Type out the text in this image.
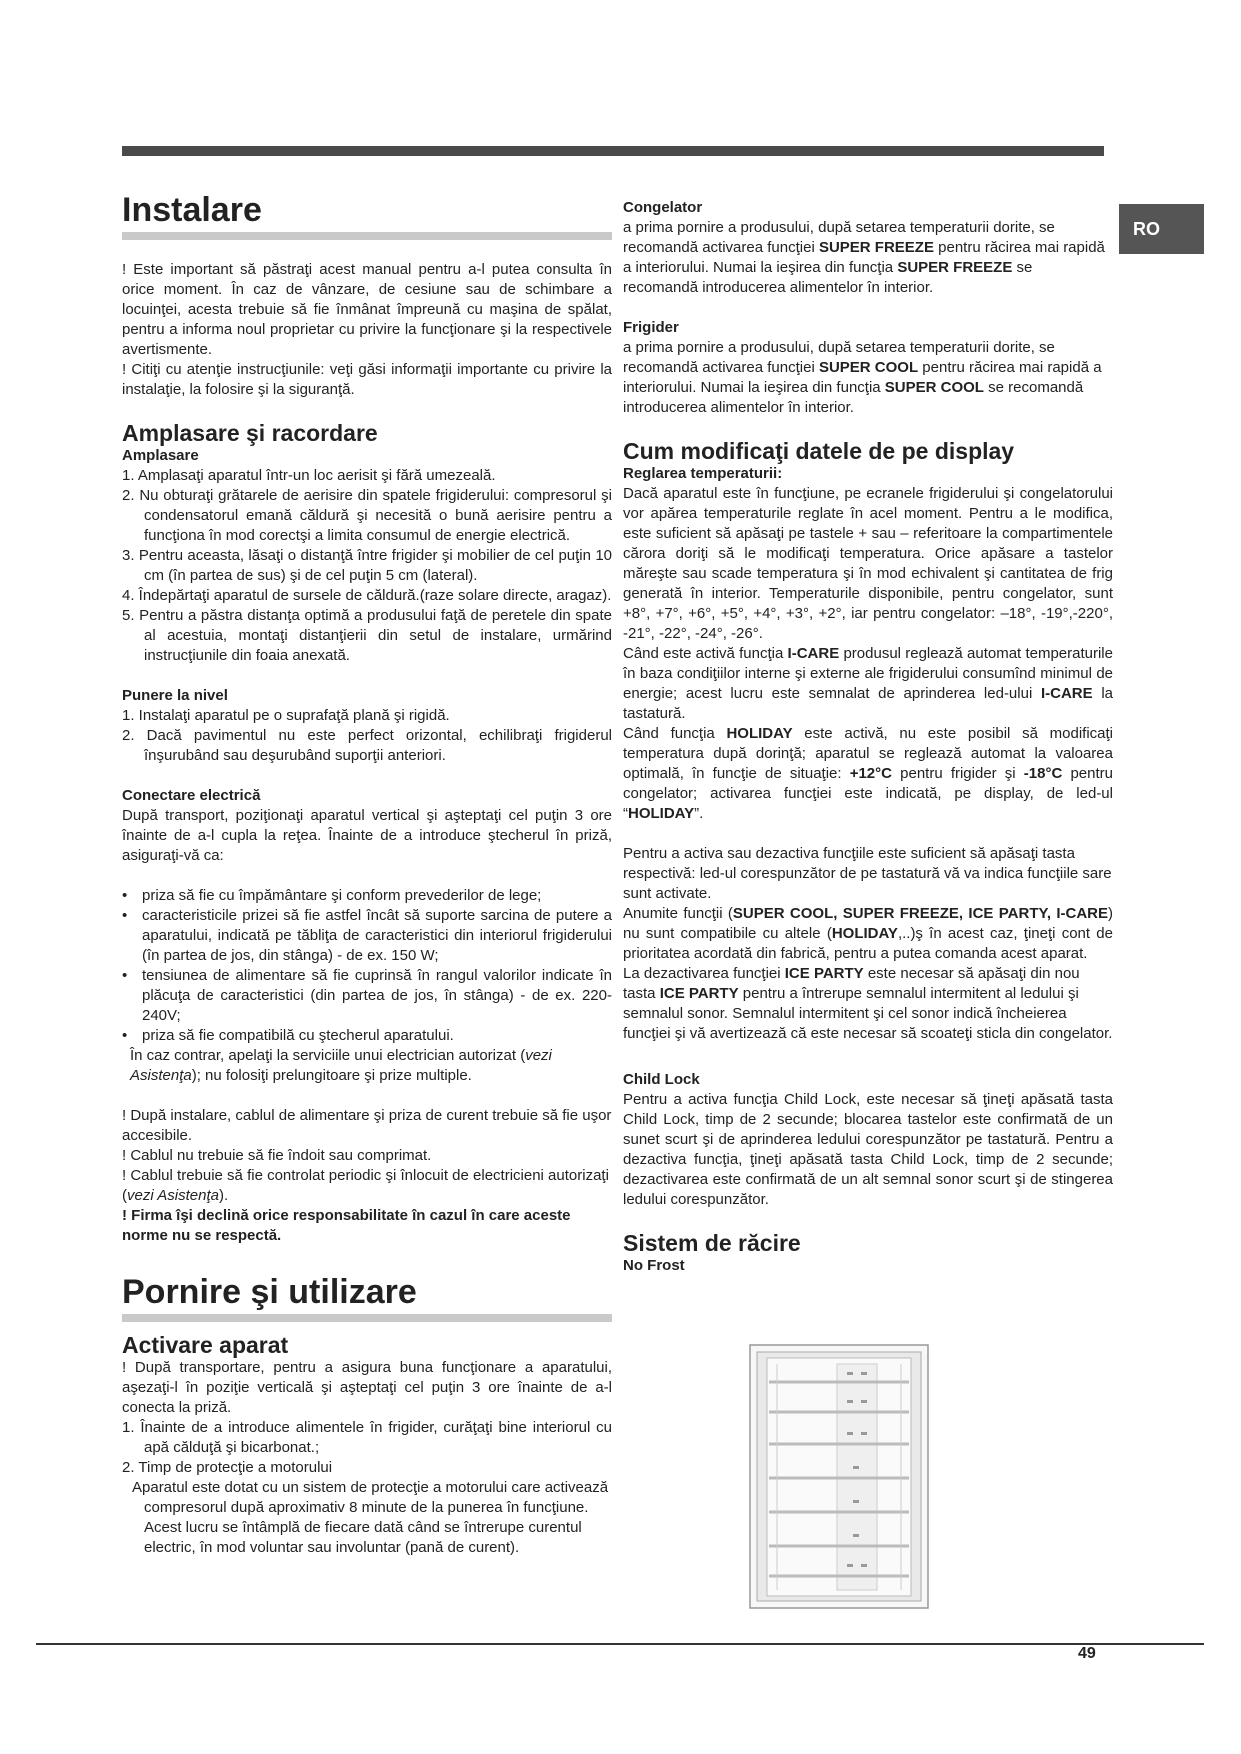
RO
Instalare

! Este important să păstraţi acest manual pentru a-l putea consulta în orice moment. În caz de vânzare, de cesiune sau de schimbare a locuinţei, acesta trebuie să fie înmânat împreună cu maşina de spălat, pentru a informa noul proprietar cu privire la funcţionare şi la respectivele avertismente.

! Citiţi cu atenţie instrucţiunile: veţi găsi informaţii importante cu privire la instalaţie, la folosire şi la siguranţă.

Amplasare şi racordare
Amplasare

1. Amplasaţi aparatul într-un loc aerisit şi fără umezeală.

2. Nu obturaţi grătarele de aerisire din spatele frigiderului: compresorul şi condensatorul emană căldură şi necesită o bună aerisire pentru a funcţiona în mod corectşi a limita consumul de energie electrică.

3. Pentru aceasta, lăsaţi o distanţă între frigider şi mobilier de cel puţin 10 cm (în partea de sus) şi de cel puţin 5 cm (lateral).

4. Îndepărtaţi aparatul de sursele de căldură.(raze solare directe, aragaz).

5. Pentru a păstra distanţa optimă a produsului faţă de peretele din spate al acestuia, montaţi distanţierii din setul de instalare, urmărind instrucţiunile din foaia anexată.

Punere la nivel

1. Instalaţi aparatul pe o suprafaţă plană şi rigidă.

2. Dacă pavimentul nu este perfect orizontal, echilibraţi frigiderul înşurubând sau deşurubând suporţii anteriori.

Conectare electrică

După transport, poziţionaţi aparatul vertical şi aşteptaţi cel puţin 3 ore înainte de a-l cupla la reţea. Înainte de a introduce ştecherul în priză, asiguraţi-vă ca:

• priza să fie cu împământare şi conform prevederilor de lege;

• caracteristicile prizei să fie astfel încât să suporte sarcina de putere a aparatului, indicată pe tăbliţa de caracteristici din interiorul frigiderului (în partea de jos, din stânga) - de ex. 150 W;

• tensiunea de alimentare să fie cuprinsă în rangul valorilor indicate în plăcuţa de caracteristici (din partea de jos, în stânga) - de ex. 220-240V;

• priza să fie compatibilă cu ştecherul aparatului.

În caz contrar, apelaţi la serviciile unui electrician autorizat (vezi Asistenţa); nu folosiţi prelungitoare şi prize multiple.

! După instalare, cablul de alimentare şi priza de curent trebuie să fie uşor accesibile.

! Cablul nu trebuie să fie îndoit sau comprimat.

! Cablul trebuie să fie controlat periodic şi înlocuit de electricieni autorizaţi (vezi Asistenţa).

! Firma îşi declină orice responsabilitate în cazul în care aceste norme nu se respectă.

Pornire şi utilizare
Activare aparat

! După transportare, pentru a asigura buna funcţionare a aparatului, aşezaţi-l în poziţie verticală şi aşteptaţi cel puţin 3 ore înainte de a-l conecta la priză.

1. Înainte de a introduce alimentele în frigider, curăţaţi bine interiorul cu apă călduţă şi bicarbonat.;

2. Timp de protecţie a motorului

Aparatul este dotat cu un sistem de protecţie a motorului care activează compresorul după aproximativ 8 minute de la punerea în funcţiune. Acest lucru se întâmplă de fiecare dată când se întrerupe curentul electric, în mod voluntar sau involuntar (pană de curent).

Congelator

a prima pornire a produsului, după setarea temperaturii dorite, se recomandă activarea funcţiei SUPER FREEZE pentru răcirea mai rapidă a interiorului. Numai la ieşirea din funcţia SUPER FREEZE se recomandă introducerea alimentelor în interior.

Frigider

a prima pornire a produsului, după setarea temperaturii dorite, se recomandă activarea funcţiei SUPER COOL pentru răcirea mai rapidă a interiorului. Numai la ieşirea din funcţia SUPER COOL se recomandă introducerea alimentelor în interior.

Cum modificaţi datele de pe display
Reglarea temperaturii:

Dacă aparatul este în funcţiune, pe ecranele frigiderului şi congelatorului vor apărea temperaturile reglate în acel moment. Pentru a le modifica, este suficient să apăsaţi pe tastele + sau – referitoare la compartimentele cărora doriţi să le modificaţi temperatura. Orice apăsare a tastelor măreşte sau scade temperatura şi în mod echivalent şi cantitatea de frig generată în interior. Temperaturile disponibile, pentru congelator, sunt +8°, +7°, +6°, +5°, +4°, +3°, +2°, iar pentru congelator: –18°, -19°,-220°, -21°, -22°, -24°, -26°.

Când este activă funcţia I-CARE produsul reglează automat temperaturile în baza condiţiilor interne şi externe ale frigiderului consumînd minimul de energie; acest lucru este semnalat de aprinderea led-ului I-CARE la tastatură.

Când funcţia HOLIDAY este activă, nu este posibil să modificaţi temperatura după dorinţă; aparatul se reglează automat la valoarea optimală, în funcţie de situaţie: +12°C pentru frigider şi -18°C pentru congelator; activarea funcţiei este indicată, pe display, de led-ul “HOLIDAY”.

Pentru a activa sau dezactiva funcţiile este suficient să apăsaţi tasta respectivă: led-ul corespunzător de pe tastatură vă va indica funcţiile sare sunt activate.

Anumite funcţii (SUPER COOL, SUPER FREEZE, ICE PARTY, I-CARE) nu sunt compatibile cu altele (HOLIDAY,..)ş în acest caz, ţineţi cont de prioritatea acordată din fabrică, pentru a putea comanda acest aparat.

La dezactivarea funcţiei ICE PARTY este necesar să apăsaţi din nou tasta ICE PARTY pentru a întrerupe semnalul intermitent al ledului şi semnalul sonor. Semnalul intermitent şi cel sonor indică încheierea funcţiei şi vă avertizează că este necesar să scoateţi sticla din congelator.

Child Lock

Pentru a activa funcţia Child Lock, este necesar să ţineţi apăsată tasta Child Lock, timp de 2 secunde; blocarea tastelor este confirmată de un sunet scurt şi de aprinderea ledului corespunzător pe tastatură. Pentru a dezactiva funcţia, ţineţi apăsată tasta Child Lock, timp de 2 secunde; dezactivarea este confirmată de un alt semnal sonor scurt şi de stingerea ledului corespunzător.

Sistem de răcire
No Frost
49
